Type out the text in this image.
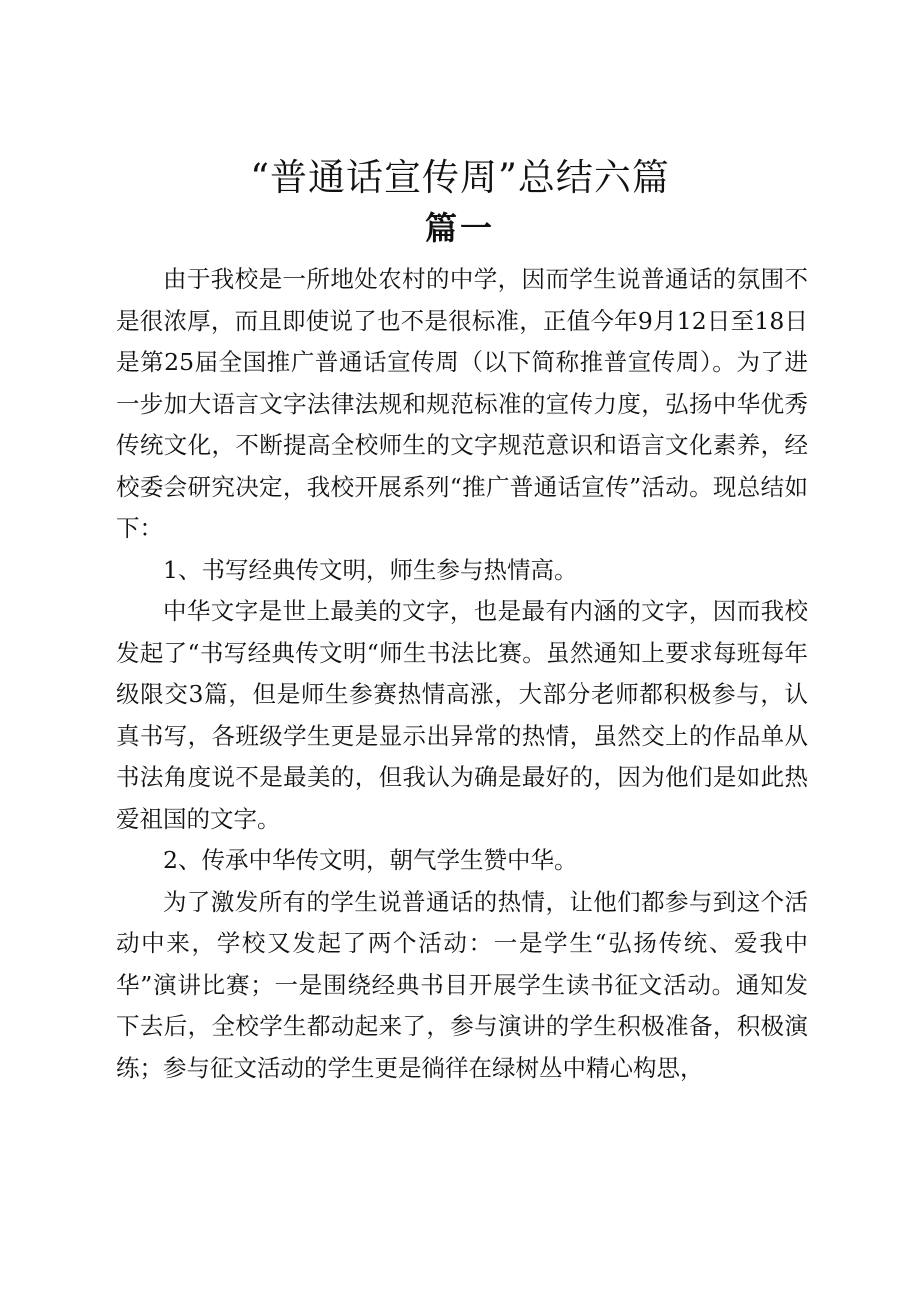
“普通话宣传周”总结六篇
篇一

由于我校是一所地处农村的中学，因而学生说普通话的氛围不是很浓厚，而且即使说了也不是很标准，正值今年9月12日至18日是第25届全国推广普通话宣传周（以下简称推普宣传周）。为了进一步加大语言文字法律法规和规范标准的宣传力度，弘扬中华优秀传统文化，不断提高全校师生的文字规范意识和语言文化素养，经校委会研究决定，我校开展系列“推广普通话宣传”活动。现总结如下：

1、书写经典传文明，师生参与热情高。

中华文字是世上最美的文字，也是最有内涵的文字，因而我校发起了“书写经典传文明“师生书法比赛。虽然通知上要求每班每年级限交3篇，但是师生参赛热情高涨，大部分老师都积极参与，认真书写，各班级学生更是显示出异常的热情，虽然交上的作品单从书法角度说不是最美的，但我认为确是最好的，因为他们是如此热爱祖国的文字。

2、传承中华传文明，朝气学生赞中华。

为了激发所有的学生说普通话的热情，让他们都参与到这个活动中来，学校又发起了两个活动：一是学生“弘扬传统、爱我中华”演讲比赛；一是围绕经典书目开展学生读书征文活动。通知发下去后，全校学生都动起来了，参与演讲的学生积极准备，积极演练；参与征文活动的学生更是徜徉在绿树丛中精心构思，
